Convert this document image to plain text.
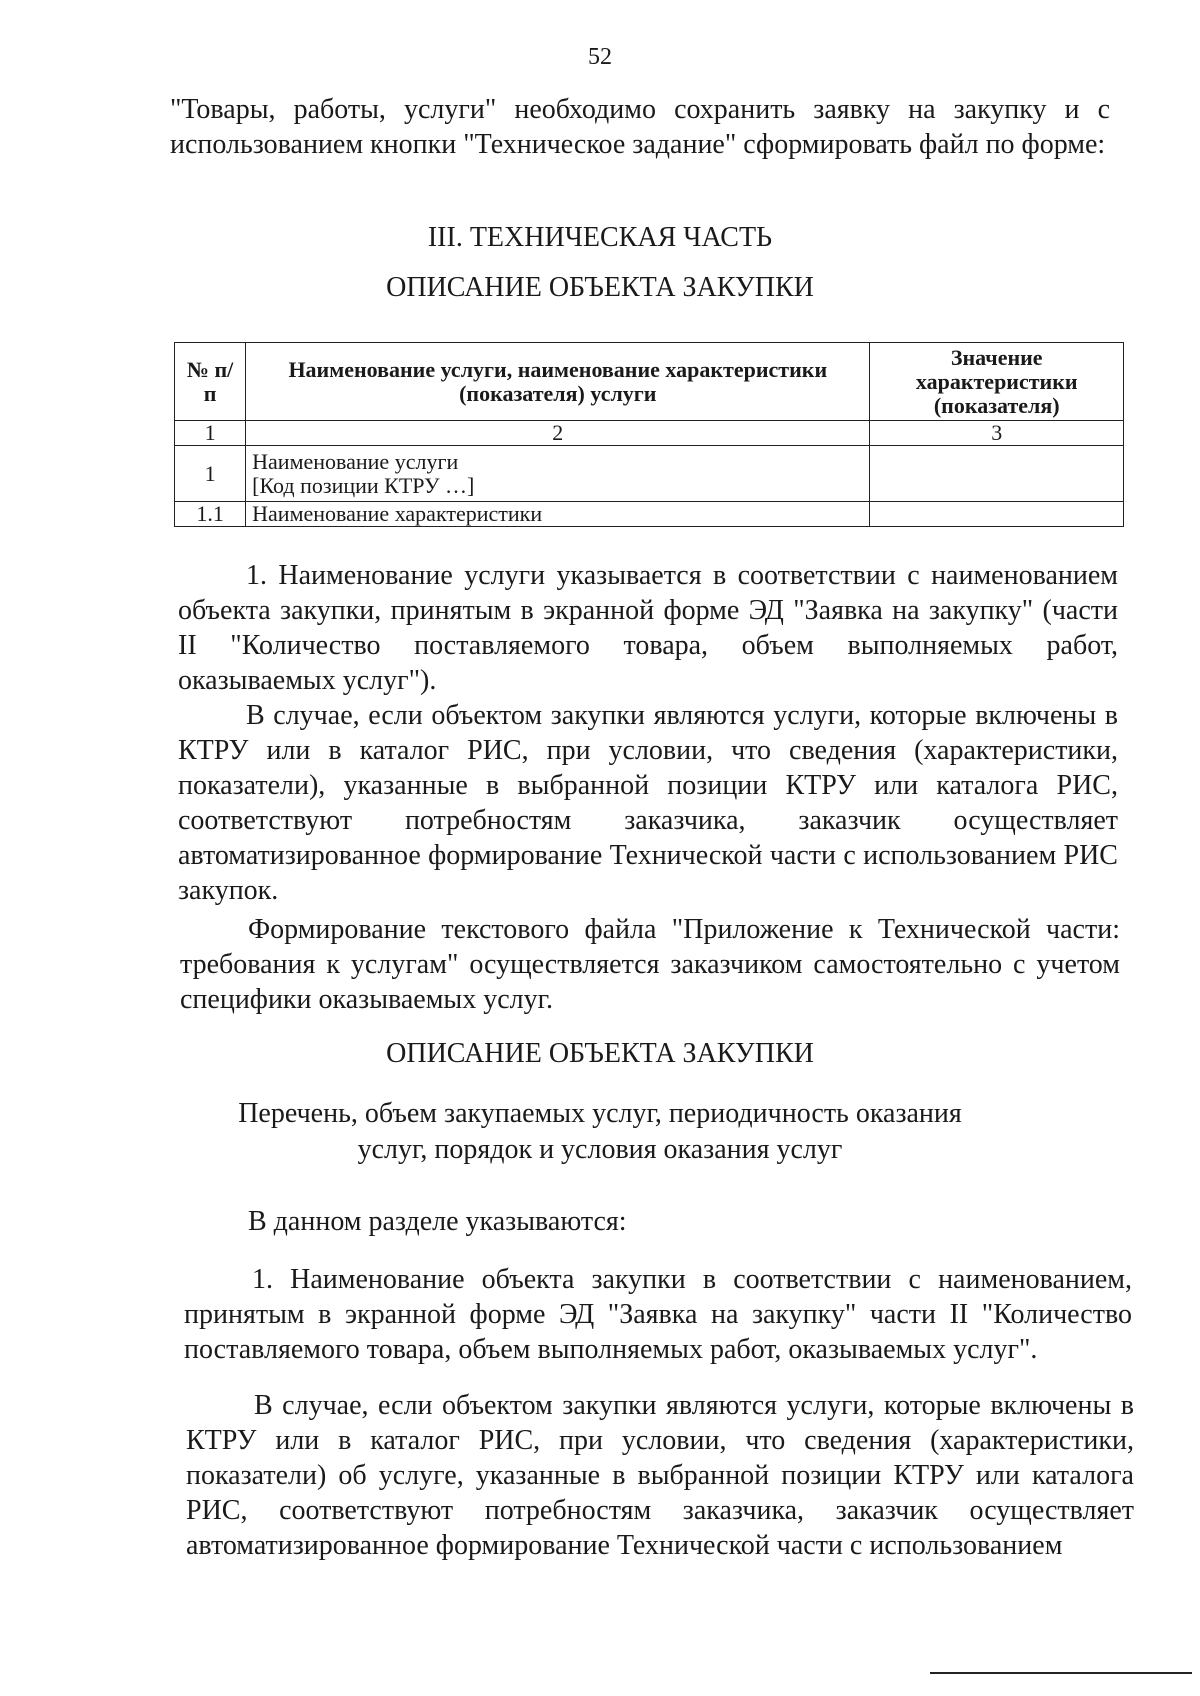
52
"Товары, работы, услуги" необходимо сохранить заявку на закупку и с использованием кнопки "Техническое задание" сформировать файл по форме:
III. ТЕХНИЧЕСКАЯ ЧАСТЬ
ОПИСАНИЕ ОБЪЕКТА ЗАКУПКИ
№ п/п	Наименование услуги, наименование характеристики (показателя) услуги	Значение характеристики (показателя)
1	2	3
1	Наименование услуги
[Код позиции КТРУ …]	

1.1	Наименование характеристики	
1. Наименование услуги указывается в соответствии с наименованием объекта закупки, принятым в экранной форме ЭД "Заявка на закупку" (части II "Количество поставляемого товара, объем выполняемых работ, оказываемых услуг").
В случае, если объектом закупки являются услуги, которые включены в КТРУ или в каталог РИС, при условии, что сведения (характеристики, показатели), указанные в выбранной позиции КТРУ или каталога РИС, соответствуют потребностям заказчика, заказчик осуществляет автоматизированное формирование Технической части с использованием РИС закупок.
Формирование текстового файла "Приложение к Технической части: требования к услугам" осуществляется заказчиком самостоятельно с учетом специфики оказываемых услуг.
ОПИСАНИЕ ОБЪЕКТА ЗАКУПКИ
Перечень, объем закупаемых услуг, периодичность оказания
услуг, порядок и условия оказания услуг
В данном разделе указываются:
1. Наименование объекта закупки в соответствии с наименованием, принятым в экранной форме ЭД "Заявка на закупку" части II "Количество поставляемого товара, объем выполняемых работ, оказываемых услуг".
В случае, если объектом закупки являются услуги, которые включены в КТРУ или в каталог РИС, при условии, что сведения (характеристики, показатели) об услуге, указанные в выбранной позиции КТРУ или каталога РИС, соответствуют потребностям заказчика, заказчик осуществляет автоматизированное формирование Технической части с использованием
